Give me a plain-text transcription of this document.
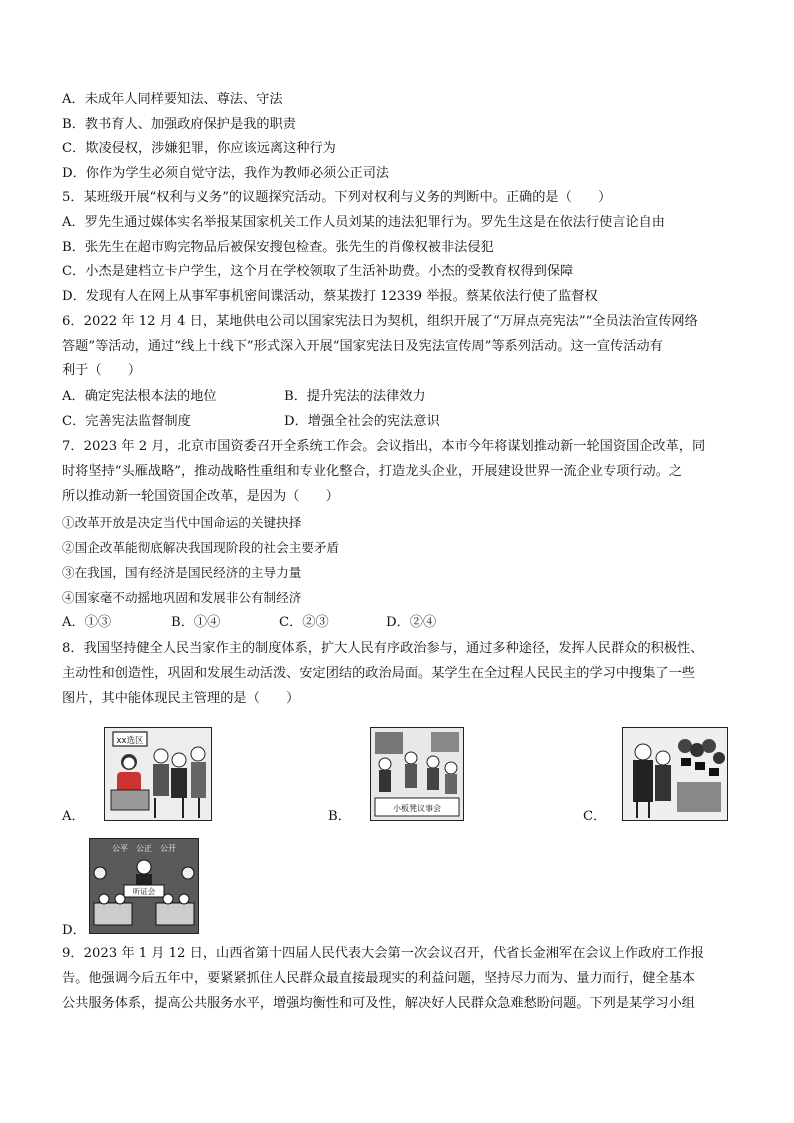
A．未成年人同样要知法、尊法、守法
B．教书育人、加强政府保护是我的职责
C．欺凌侵权，涉嫌犯罪，你应该远离这种行为
D．你作为学生必须自觉守法，我作为教师必须公正司法
5．某班级开展“权利与义务”的议题探究活动。下列对权利与义务的判断中。正确的是（　　）
A．罗先生通过媒体实名举报某国家机关工作人员刘某的违法犯罪行为。罗先生这是在依法行使言论自由
B．张先生在超市购完物品后被保安搜包检查。张先生的肖像权被非法侵犯
C．小杰是建档立卡户学生，这个月在学校领取了生活补助费。小杰的受教育权得到保障
D．发现有人在网上从事军事机密间谍活动，蔡某拨打 12339 举报。蔡某依法行使了监督权
6．2022 年 12 月 4 日，某地供电公司以国家宪法日为契机，组织开展了“万屏点亮宪法”“全员法治宣传网络
答题”等活动，通过“线上十线下”形式深入开展“国家宪法日及宪法宣传周”等系列活动。这一宣传活动有
利于（　　）
A．确定宪法根本法的地位	B．提升宪法的法律效力
C．完善宪法监督制度	D．增强全社会的宪法意识
7．2023 年 2 月，北京市国资委召开全系统工作会。会议指出，本市今年将谋划推动新一轮国资国企改革，同
时将坚持“头雁战略”，推动战略性重组和专业化整合，打造龙头企业，开展建设世界一流企业专项行动。之
所以推动新一轮国资国企改革，是因为（　　）
①改革开放是决定当代中国命运的关键抉择
②国企改革能彻底解决我国现阶段的社会主要矛盾
③在我国，国有经济是国民经济的主导力量
④国家毫不动摇地巩固和发展非公有制经济
A．①③	B．①④	C．②③	D．②④
8．我国坚持健全人民当家作主的制度体系，扩大人民有序政治参与，通过多种途径，发挥人民群众的积极性、
主动性和创造性，巩固和发展生动活泼、安定团结的政治局面。某学生在全过程人民民主的学习中搜集了一些
图片，其中能体现民主管理的是（　　）
A．
xx选区
B．
小板凳议事会
C．
D．
公平　公正　公开
听证会
9．2023 年 1 月 12 日，山西省第十四届人民代表大会第一次会议召开，代省长金湘军在会议上作政府工作报
告。他强调今后五年中，要紧紧抓住人民群众最直接最现实的利益问题，坚持尽力而为、量力而行，健全基本
公共服务体系，提高公共服务水平，增强均衡性和可及性，解决好人民群众急难愁盼问题。下列是某学习小组
